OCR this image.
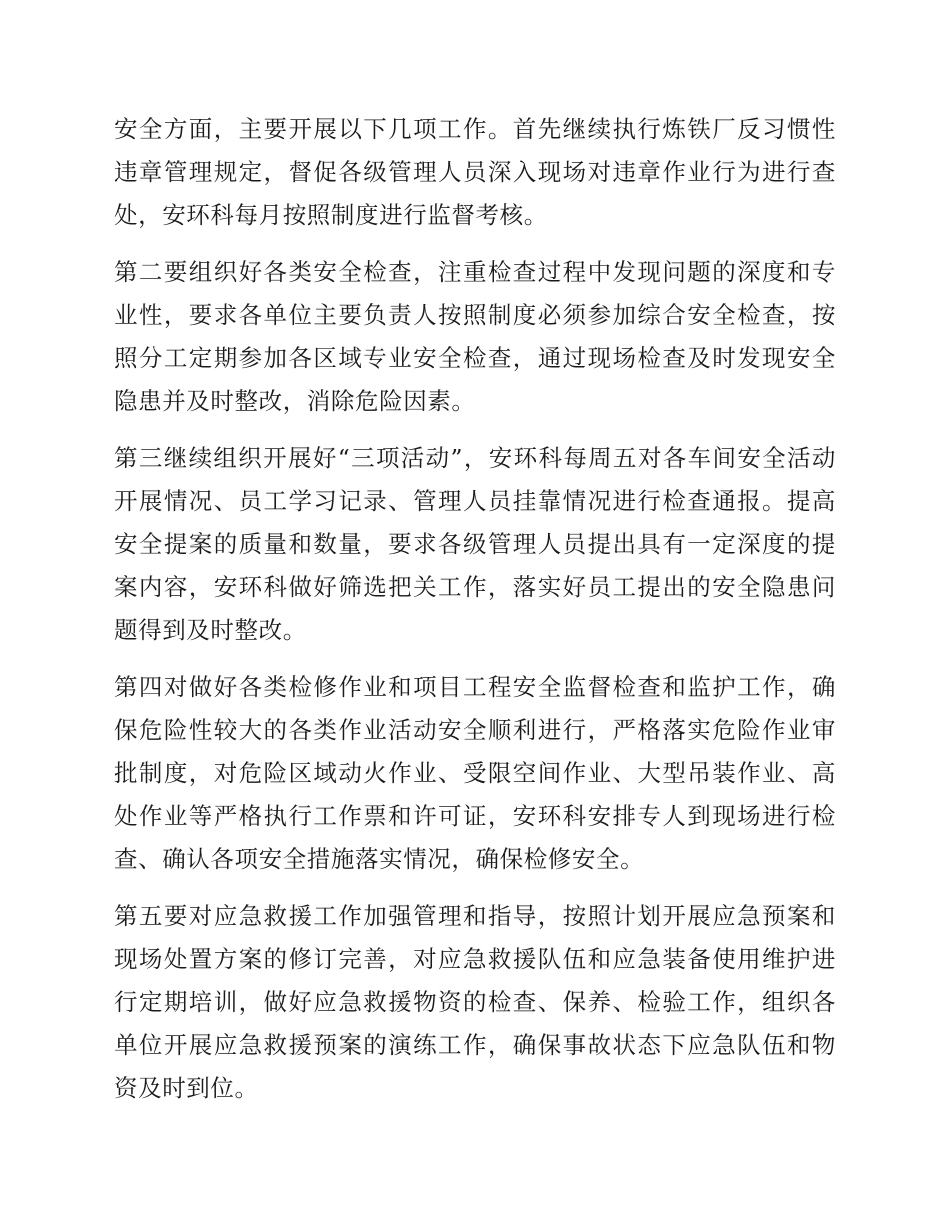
安全方面，主要开展以下几项工作。首先继续执行炼铁厂反习惯性违章管理规定，督促各级管理人员深入现场对违章作业行为进行查处，安环科每月按照制度进行监督考核。

第二要组织好各类安全检查，注重检查过程中发现问题的深度和专业性，要求各单位主要负责人按照制度必须参加综合安全检查，按照分工定期参加各区域专业安全检查，通过现场检查及时发现安全隐患并及时整改，消除危险因素。

第三继续组织开展好“三项活动”，安环科每周五对各车间安全活动开展情况、员工学习记录、管理人员挂靠情况进行检查通报。提高安全提案的质量和数量，要求各级管理人员提出具有一定深度的提案内容，安环科做好筛选把关工作，落实好员工提出的安全隐患问题得到及时整改。

第四对做好各类检修作业和项目工程安全监督检查和监护工作，确保危险性较大的各类作业活动安全顺利进行，严格落实危险作业审批制度，对危险区域动火作业、受限空间作业、大型吊装作业、高处作业等严格执行工作票和许可证，安环科安排专人到现场进行检查、确认各项安全措施落实情况，确保检修安全。

第五要对应急救援工作加强管理和指导，按照计划开展应急预案和现场处置方案的修订完善，对应急救援队伍和应急装备使用维护进行定期培训，做好应急救援物资的检查、保养、检验工作，组织各单位开展应急救援预案的演练工作，确保事故状态下应急队伍和物资及时到位。
